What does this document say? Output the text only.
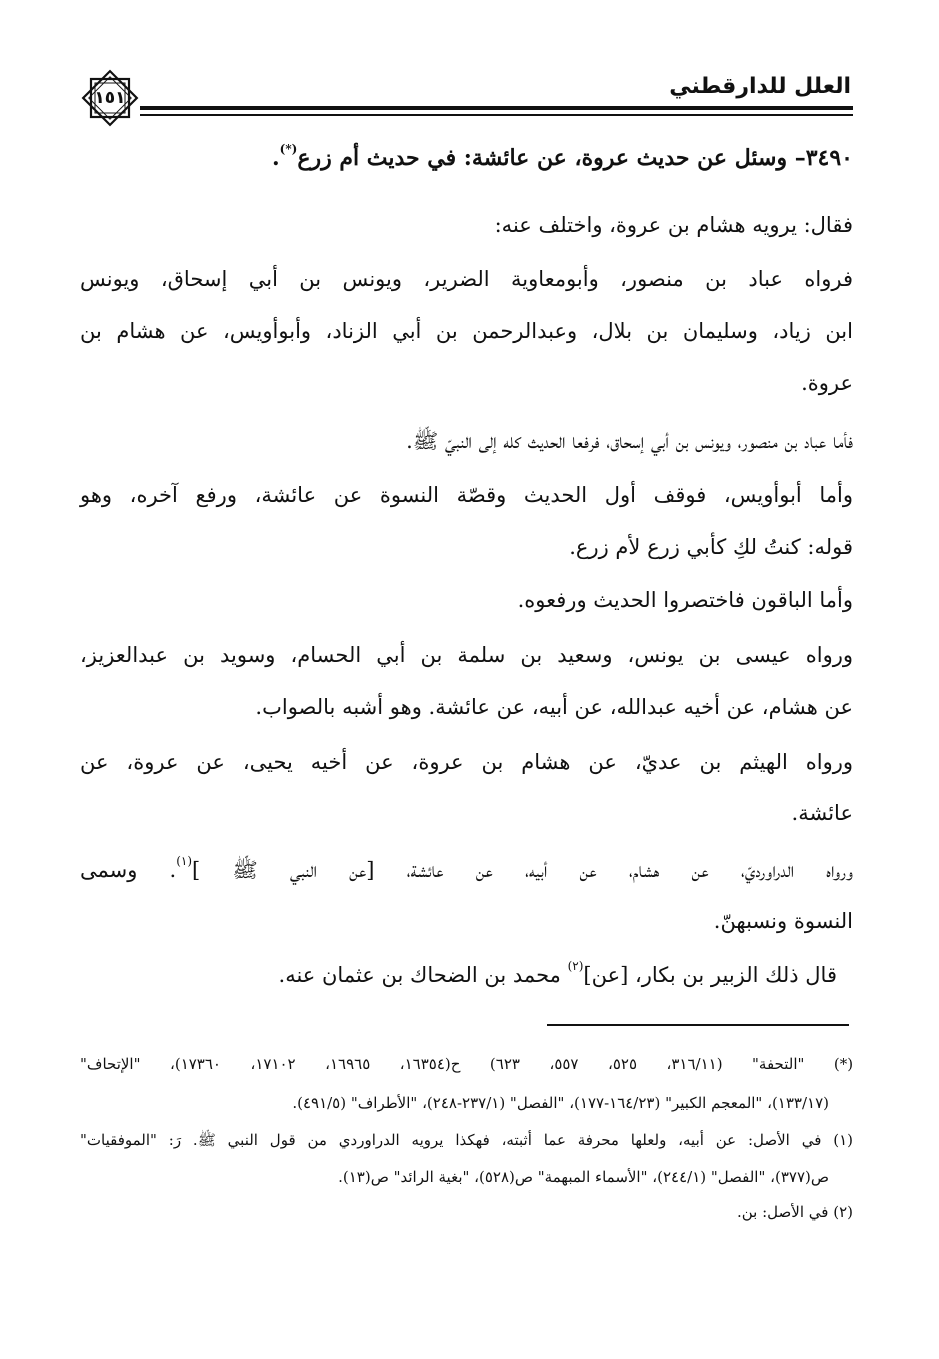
العلل للدارقطني
١٥١
٣٤٩٠– وسئل عن حديث عروة، عن عائشة: في حديث أم زرع(*).
فقال: يرويه هشام بن عروة، واختلف عنه:
فرواه عباد بن منصور، وأبومعاوية الضرير، ويونس بن أبي إسحاق، ويونس
ابن زياد، وسليمان بن بلال، وعبدالرحمن بن أبي الزناد، وأبوأويس، عن هشام بن
عروة.
فأما عباد بن منصور، ويونس بن أبي إسحاق، فرفعا الحديث كله إلى النبيّ ﷺ.
وأما أبوأويس، فوقف أول الحديث وقصّة النسوة عن عائشة، ورفع آخره، وهو
قوله: كنتُ لكِ كأبي زرع لأم زرع.
وأما الباقون فاختصروا الحديث ورفعوه.
ورواه عيسى بن يونس، وسعيد بن سلمة بن أبي الحسام، وسويد بن عبدالعزيز،
عن هشام، عن أخيه عبدالله، عن أبيه، عن عائشة. وهو أشبه بالصواب.
ورواه الهيثم بن عديّ، عن هشام بن عروة، عن أخيه يحيى، عن عروة، عن
عائشة.
ورواه الدراورديّ، عن هشام، عن أبيه، عن عائشة، [عن النبي ﷺ ]$^{(١)}$. وسمى
النسوة ونسبهنّ.
قال ذلك الزبير بن بكار، [عن]$^{(٢)}$ محمد بن الضحاك بن عثمان عنه.
(*) "التحفة" (٣١٦/١١، ٥٢٥، ٥٥٧، ٦٢٣) ح(١٦٣٥٤، ١٦٩٦٥، ١٧١٠٢، ١٧٣٦٠)، "الإتحاف"
(١٣٣/١٧)، "المعجم الكبير" (١٦٤/٢٣-١٧٧)، "الفصل" (٢٣٧/١-٢٤٨)، "الأطراف" (٤٩١/٥).
(١) في الأصل: عن أبيه، ولعلها محرفة عما أثبته، فهكذا يرويه الدراوردي من قول النبي ﷺ. رَ: "الموفقيات"
ص(٣٧٧)، "الفصل" (٢٤٤/١)، "الأسماء المبهمة" ص(٥٢٨)، "بغية الرائد" ص(١٣).
(٢) في الأصل: بن.
